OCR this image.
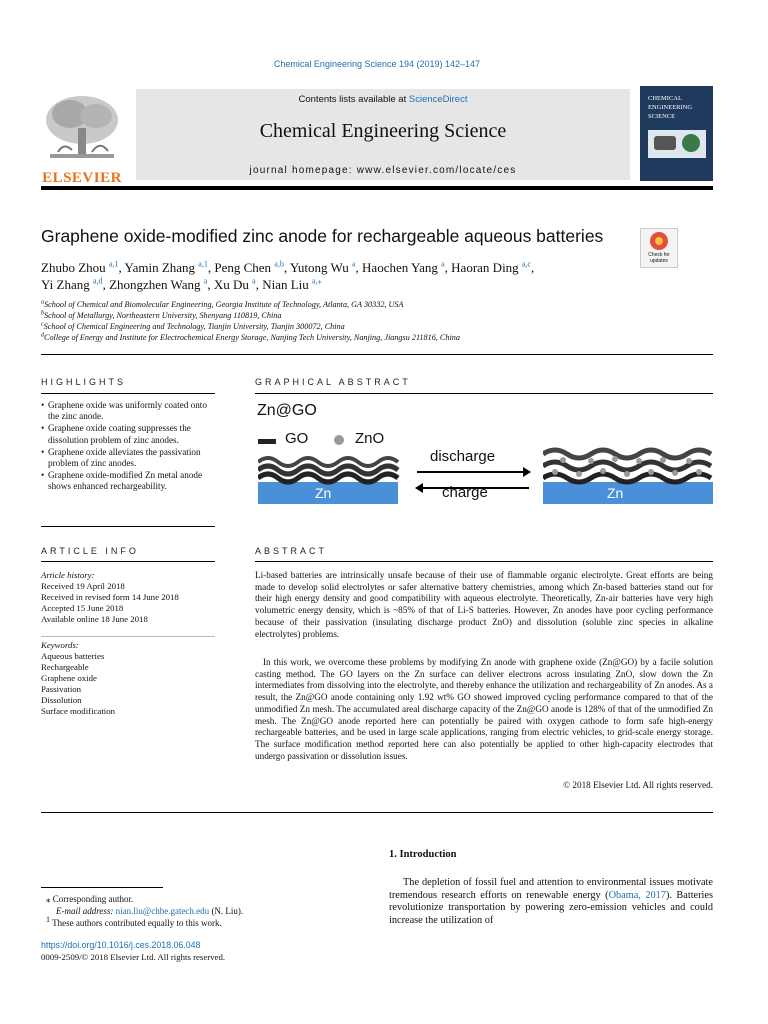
Chemical Engineering Science 194 (2019) 142–147
ELSEVIER
Contents lists available at ScienceDirect
Chemical Engineering Science
journal homepage: www.elsevier.com/locate/ces
CHEMICAL
ENGINEERING
SCIENCE
Graphene oxide-modified zinc anode for rechargeable aqueous batteries
Check for updates
Zhubo Zhou $^{a,1}$, Yamin Zhang $^{a,1}$, Peng Chen $^{a,b}$, Yutong Wu $^a$, Haochen Yang $^a$, Haoran Ding $^{a,c}$,
Yi Zhang $^{a,d}$, Zhongzhen Wang $^a$, Xu Du $^a$, Nian Liu $^{a,⁎}$
$^a$School of Chemical and Biomolecular Engineering, Georgia Institute of Technology, Atlanta, GA 30332, USA
$^b$School of Metallurgy, Northeastern University, Shenyang 110819, China
$^c$School of Chemical Engineering and Technology, Tianjin University, Tianjin 300072, China
$^d$College of Energy and Institute for Electrochemical Energy Storage, Nanjing Tech University, Nanjing, Jiangsu 211816, China
HIGHLIGHTS
• Graphene oxide was uniformly coated onto the zinc anode.
• Graphene oxide coating suppresses the dissolution problem of zinc anodes.
• Graphene oxide alleviates the passivation problem of zinc anodes.
• Graphene oxide-modified Zn metal anode shows enhanced rechargeability.
GRAPHICAL ABSTRACT
Zn@GO
GO	ZnO
Zn
discharge
charge	Zn
ARTICLE INFO
Article history:
Received 19 April 2018
Received in revised form 14 June 2018
Accepted 15 June 2018
Available online 18 June 2018
Keywords:
Aqueous batteries
Rechargeable
Graphene oxide
Passivation
Dissolution
Surface modification
ABSTRACT
Li-based batteries are intrinsically unsafe because of their use of flammable organic electrolyte. Great efforts are being made to develop solid electrolytes or safer alternative battery chemistries, among which Zn-based batteries stand out for their high energy density and good compatibility with aqueous electrolyte. Theoretically, Zn-air batteries have very high volumetric energy density, which is ~85% of that of Li-S batteries. However, Zn anodes have poor cycling performance because of their passivation (insulating discharge product ZnO) and dissolution (soluble zinc species in alkaline electrolytes) problems.
In this work, we overcome these problems by modifying Zn anode with graphene oxide (Zn@GO) by a facile solution casting method. The GO layers on the Zn surface can deliver electrons across insulating ZnO, slow down the Zn intermediates from dissolving into the electrolyte, and thereby enhance the utilization and rechargeability of Zn anodes. As a result, the Zn@GO anode containing only 1.92 wt% GO showed improved cycling performance compared to that of the unmodified Zn mesh. The accumulated areal discharge capacity of the Zn@GO anode is 128% of that of the unmodified Zn mesh. The Zn@GO anode reported here can potentially be paired with oxygen cathode to form safe high-energy rechargeable batteries, and be used in large scale applications, ranging from electric vehicles, to grid-scale energy storage. The surface modification method reported here can also potentially be applied to other high-capacity electrodes that undergo passivation or dissolution issues.
© 2018 Elsevier Ltd. All rights reserved.
1. Introduction
The depletion of fossil fuel and attention to environmental issues motivate tremendous research efforts on renewable energy (Obama, 2017). Batteries revolutionize transportation by powering zero-emission vehicles and could increase the utilization of
⁎ Corresponding author.
E-mail address: nian.liu@chbe.gatech.edu (N. Liu).
$^1$ These authors contributed equally to this work.
https://doi.org/10.1016/j.ces.2018.06.048
0009-2509/© 2018 Elsevier Ltd. All rights reserved.
